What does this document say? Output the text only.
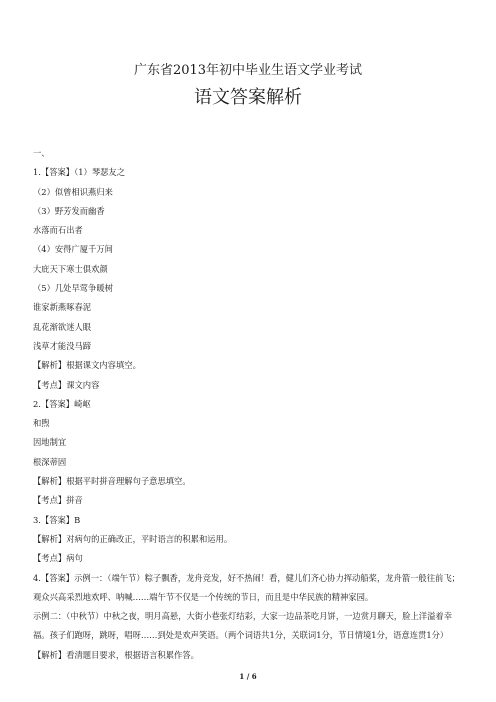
广东省2013年初中毕业生语文学业考试
语文答案解析
一、
1.【答案】（1）琴瑟友之
（2）似曾相识燕归来
（3）野芳发而幽香
水落而石出者
（4）安得广厦千万间
大庇天下寒士俱欢颜
（5）几处早莺争暖树
谁家新燕啄春泥
乱花渐欲迷人眼
浅草才能没马蹄
【解析】根据课文内容填空。
【考点】课文内容
2.【答案】崎岖
和煦
因地制宜
根深蒂固
【解析】根据平时拼音理解句子意思填空。
【考点】拼音
3.【答案】B
【解析】对病句的正确改正，平时语言的积累和运用。
【考点】病句
4.【答案】示例一：（端午节）粽子飘香，龙舟竞发，好不热闹！看，健儿们齐心协力挥动船桨，龙舟箭一般往前飞；观众兴高采烈地欢呼、呐喊……端午节不仅是一个传统的节日，而且是中华民族的精神家园。
示例二：（中秋节）中秋之夜，明月高悬，大街小巷张灯结彩，大家一边品茶吃月饼，一边赏月聊天，脸上洋溢着幸福。孩子们跑呀，跳呀，唱呀……到处是欢声笑语。（两个词语共1分，关联词1分，节日情境1分，语意连贯1分）
【解析】看清题目要求，根据语言积累作答。
1 / 6
